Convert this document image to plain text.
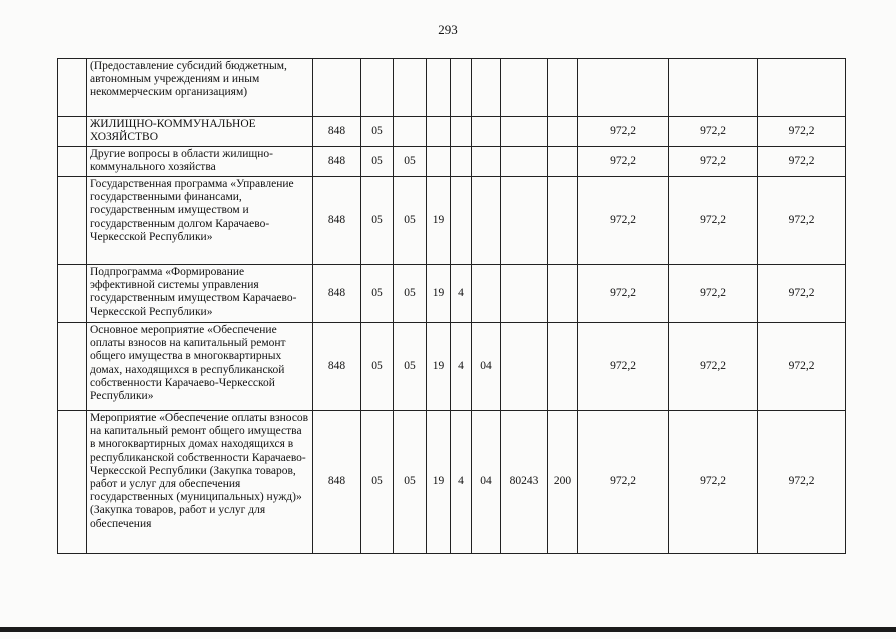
293
	(Предоставление субсидий бюджетным, автономным учреждениям и иным некоммерческим организациям)											
	ЖИЛИЩНО-КОММУНАЛЬНОЕ ХОЗЯЙСТВО	848	05							972,2	972,2	972,2
	Другие вопросы в области жилищно-коммунального хозяйства	848	05	05						972,2	972,2	972,2
	Государственная программа «Управление государственными финансами, государственным имуществом и государственным долгом Карачаево-Черкесской Республики»	848	05	05	19					972,2	972,2	972,2
	Подпрограмма «Формирование эффективной системы управления государственным имуществом Карачаево-Черкесской Республики»	848	05	05	19	4				972,2	972,2	972,2
	Основное мероприятие «Обеспечение оплаты взносов на капитальный ремонт общего имущества в многоквартирных домах, находящихся в республиканской собственности Карачаево-Черкесской Республики»	848	05	05	19	4	04			972,2	972,2	972,2
	Мероприятие «Обеспечение оплаты взносов на капитальный ремонт общего имущества в многоквартирных домах находящихся в республиканской собственности Карачаево-Черкесской Республики (Закупка товаров, работ и услуг для обеспечения государственных (муниципальных) нужд)» (Закупка товаров, работ и услуг для обеспечения	848	05	05	19	4	04	80243	200	972,2	972,2	972,2
